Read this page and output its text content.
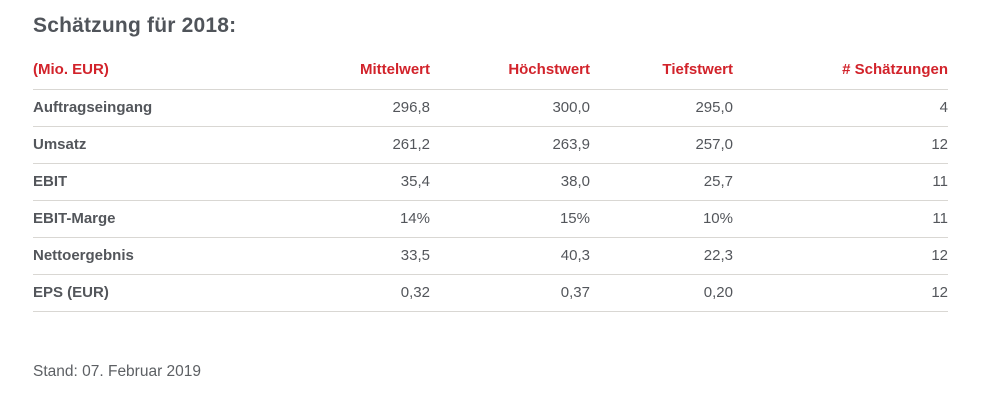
Schätzung für 2018:
(Mio. EUR)	Mittelwert	Höchstwert	Tiefstwert	# Schätzungen
Auftragseingang	296,8	300,0	295,0	4
Umsatz	261,2	263,9	257,0	12
EBIT	35,4	38,0	25,7	11
EBIT-Marge	14%	15%	10%	11
Nettoergebnis	33,5	40,3	22,3	12
EPS (EUR)	0,32	0,37	0,20	12

Stand: 07. Februar 2019
